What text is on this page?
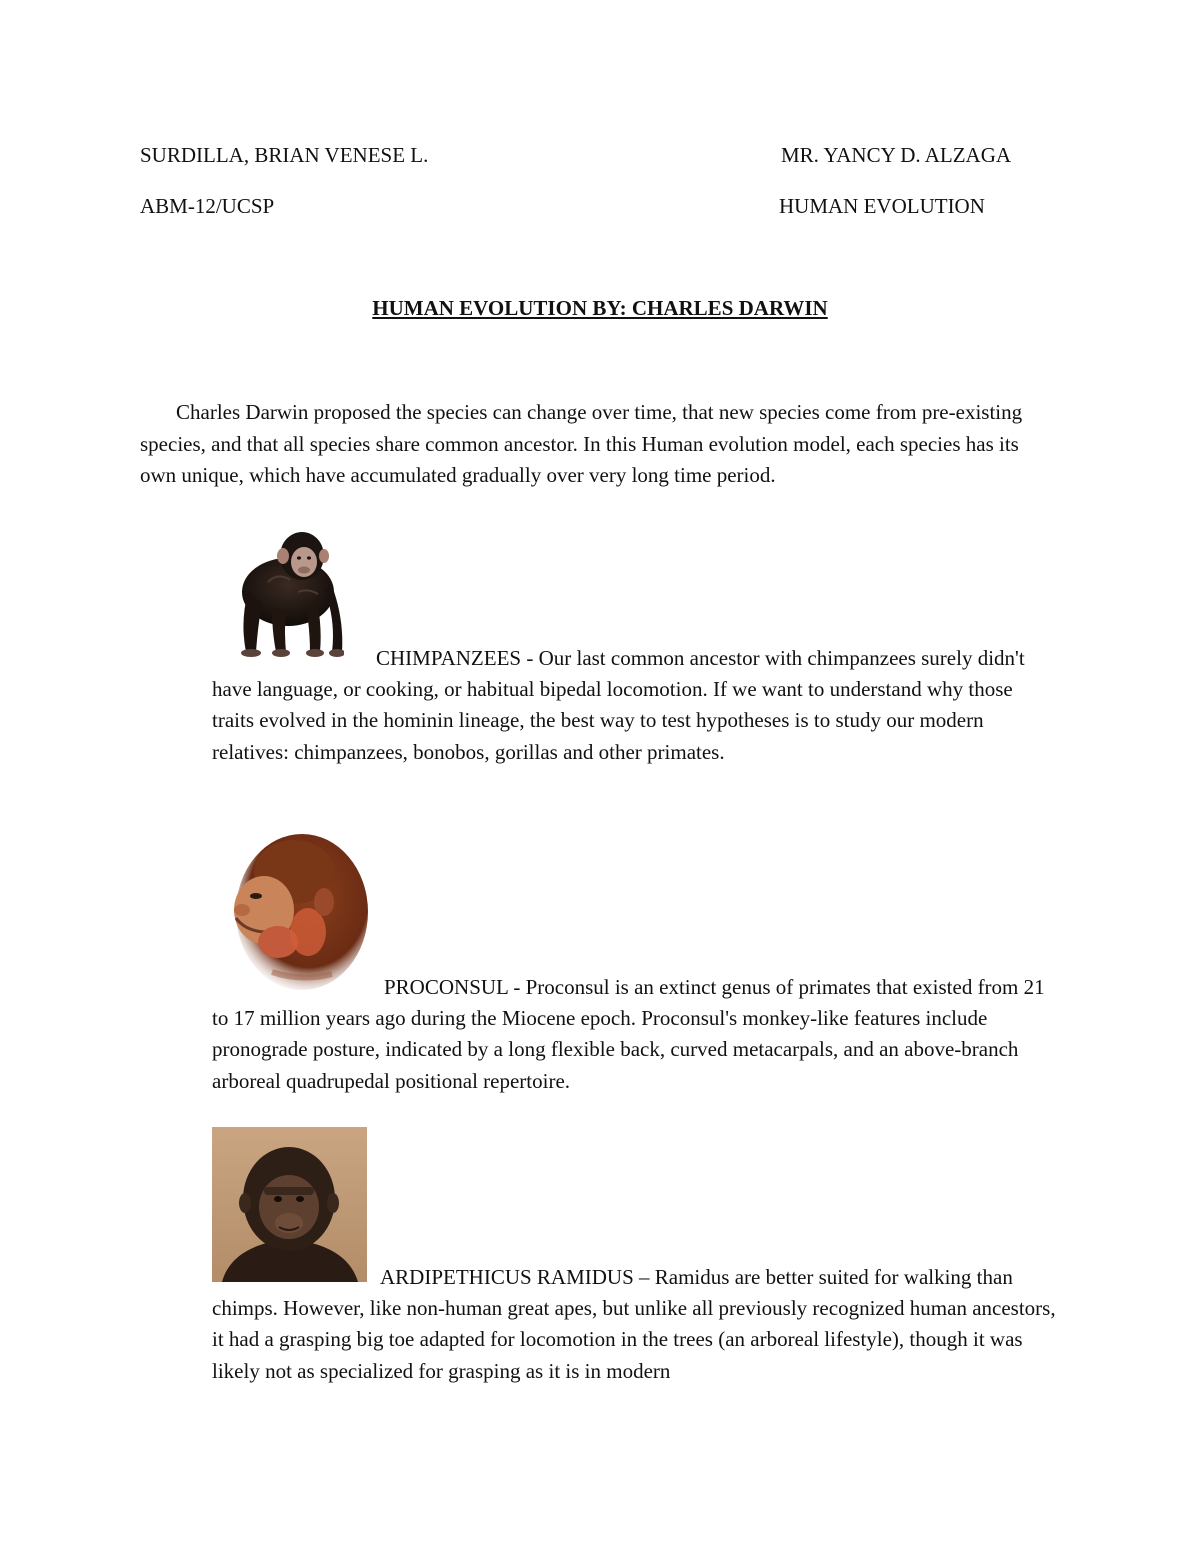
SURDILLA, BRIAN VENESE L.	MR. YANCY D. ALZAGA
ABM-12/UCSP	HUMAN EVOLUTION
HUMAN EVOLUTION BY: CHARLES DARWIN

Charles Darwin proposed the species can change over time, that new species come from pre-existing species, and that all species share common ancestor. In this Human evolution model, each species has its own unique, which have accumulated gradually over very long time period.

CHIMPANZEES - Our last common ancestor with chimpanzees surely didn't have language, or cooking, or habitual bipedal locomotion. If we want to understand why those traits evolved in the hominin lineage, the best way to test hypotheses is to study our modern relatives: chimpanzees, bonobos, gorillas and other primates.

PROCONSUL - Proconsul is an extinct genus of primates that existed from 21 to 17 million years ago during the Miocene epoch. Proconsul's monkey-like features include pronograde posture, indicated by a long flexible back, curved metacarpals, and an above-branch arboreal quadrupedal positional repertoire.

ARDIPETHICUS RAMIDUS – Ramidus are better suited for walking than chimps. However, like non-human great apes, but unlike all previously recognized human ancestors, it had a grasping big toe adapted for locomotion in the trees (an arboreal lifestyle), though it was likely not as specialized for grasping as it is in modern
